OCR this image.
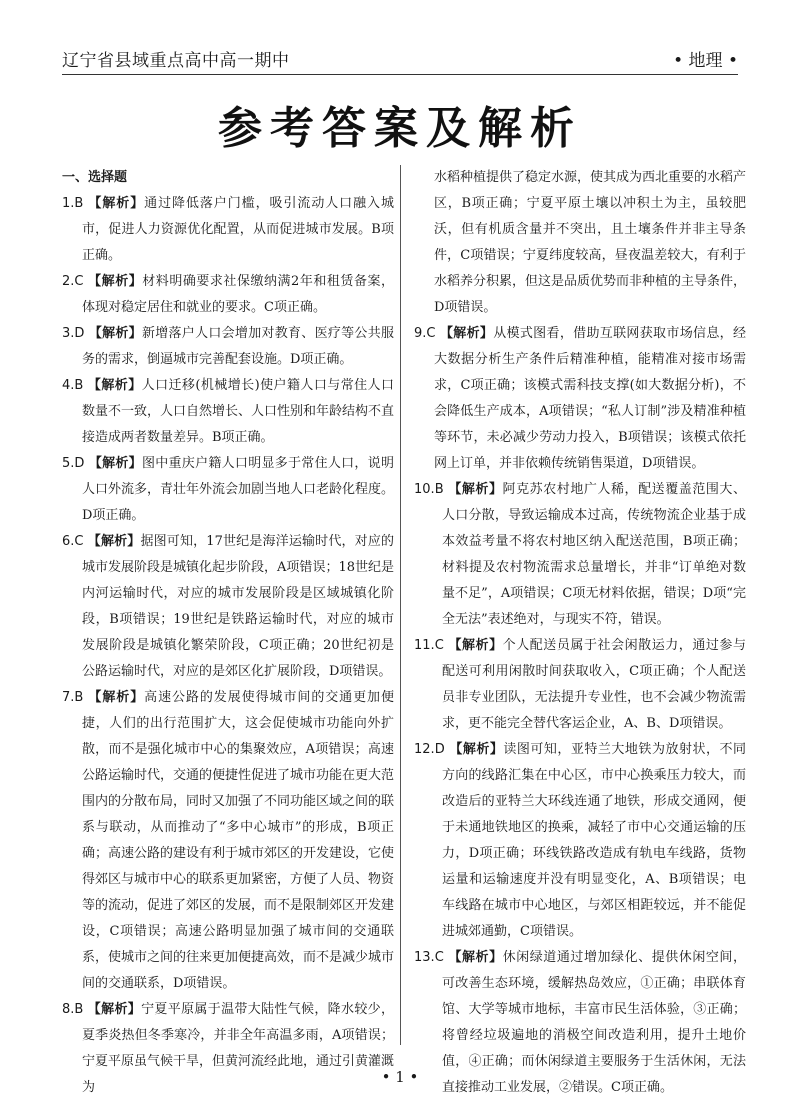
辽宁省县域重点高中高一期中	• 地理 •
参考答案及解析
一、选择题
1.B 【解析】通过降低落户门槛，吸引流动人口融入城市，促进人力资源优化配置，从而促进城市发展。B项正确。
2.C 【解析】材料明确要求社保缴纳满2年和租赁备案，体现对稳定居住和就业的要求。C项正确。
3.D 【解析】新增落户人口会增加对教育、医疗等公共服务的需求，倒逼城市完善配套设施。D项正确。
4.B 【解析】人口迁移(机械增长)使户籍人口与常住人口数量不一致，人口自然增长、人口性别和年龄结构不直接造成两者数量差异。B项正确。
5.D 【解析】图中重庆户籍人口明显多于常住人口，说明人口外流多，青壮年外流会加剧当地人口老龄化程度。D项正确。
6.C 【解析】据图可知，17世纪是海洋运输时代，对应的城市发展阶段是城镇化起步阶段，A项错误；18世纪是内河运输时代，对应的城市发展阶段是区域城镇化阶段，B项错误；19世纪是铁路运输时代，对应的城市发展阶段是城镇化繁荣阶段，C项正确；20世纪初是公路运输时代，对应的是郊区化扩展阶段，D项错误。
7.B 【解析】高速公路的发展使得城市间的交通更加便捷，人们的出行范围扩大，这会促使城市功能向外扩散，而不是强化城市中心的集聚效应，A项错误；高速公路运输时代，交通的便捷性促进了城市功能在更大范围内的分散布局，同时又加强了不同功能区域之间的联系与联动，从而推动了“多中心城市”的形成，B项正确；高速公路的建设有利于城市郊区的开发建设，它使得郊区与城市中心的联系更加紧密，方便了人员、物资等的流动，促进了郊区的发展，而不是限制郊区开发建设，C项错误；高速公路明显加强了城市间的交通联系，使城市之间的往来更加便捷高效，而不是减少城市间的交通联系，D项错误。
8.B 【解析】宁夏平原属于温带大陆性气候，降水较少，夏季炎热但冬季寒冷，并非全年高温多雨，A项错误；宁夏平原虽气候干旱，但黄河流经此地，通过引黄灌溉为
水稻种植提供了稳定水源，使其成为西北重要的水稻产区，B项正确；宁夏平原土壤以冲积土为主，虽较肥沃，但有机质含量并不突出，且土壤条件并非主导条件，C项错误；宁夏纬度较高，昼夜温差较大，有利于水稻养分积累，但这是品质优势而非种植的主导条件，D项错误。
9.C 【解析】从模式图看，借助互联网获取市场信息，经大数据分析生产条件后精准种植，能精准对接市场需求，C项正确；该模式需科技支撑(如大数据分析)，不会降低生产成本，A项错误；“私人订制”涉及精准种植等环节，未必减少劳动力投入，B项错误；该模式依托网上订单，并非依赖传统销售渠道，D项错误。
10.B 【解析】阿克苏农村地广人稀，配送覆盖范围大、人口分散，导致运输成本过高，传统物流企业基于成本效益考量不将农村地区纳入配送范围，B项正确；材料提及农村物流需求总量增长，并非“订单绝对数量不足”，A项错误；C项无材料依据，错误；D项“完全无法”表述绝对，与现实不符，错误。
11.C 【解析】个人配送员属于社会闲散运力，通过参与配送可利用闲散时间获取收入，C项正确；个人配送员非专业团队，无法提升专业性，也不会减少物流需求，更不能完全替代客运企业，A、B、D项错误。
12.D 【解析】读图可知，亚特兰大地铁为放射状，不同方向的线路汇集在中心区，市中心换乘压力较大，而改造后的亚特兰大环线连通了地铁，形成交通网，便于未通地铁地区的换乘，减轻了市中心交通运输的压力，D项正确；环线铁路改造成有轨电车线路，货物运量和运输速度并没有明显变化，A、B项错误；电车线路在城市中心地区，与郊区相距较远，并不能促进城郊通勤，C项错误。
13.C 【解析】休闲绿道通过增加绿化、提供休闲空间，可改善生态环境，缓解热岛效应，①正确；串联体育馆、大学等城市地标，丰富市民生活体验，③正确；将曾经垃圾遍地的消极空间改造利用，提升土地价值，④正确；而休闲绿道主要服务于生活休闲，无法直接推动工业发展，②错误。C项正确。
• 1 •
